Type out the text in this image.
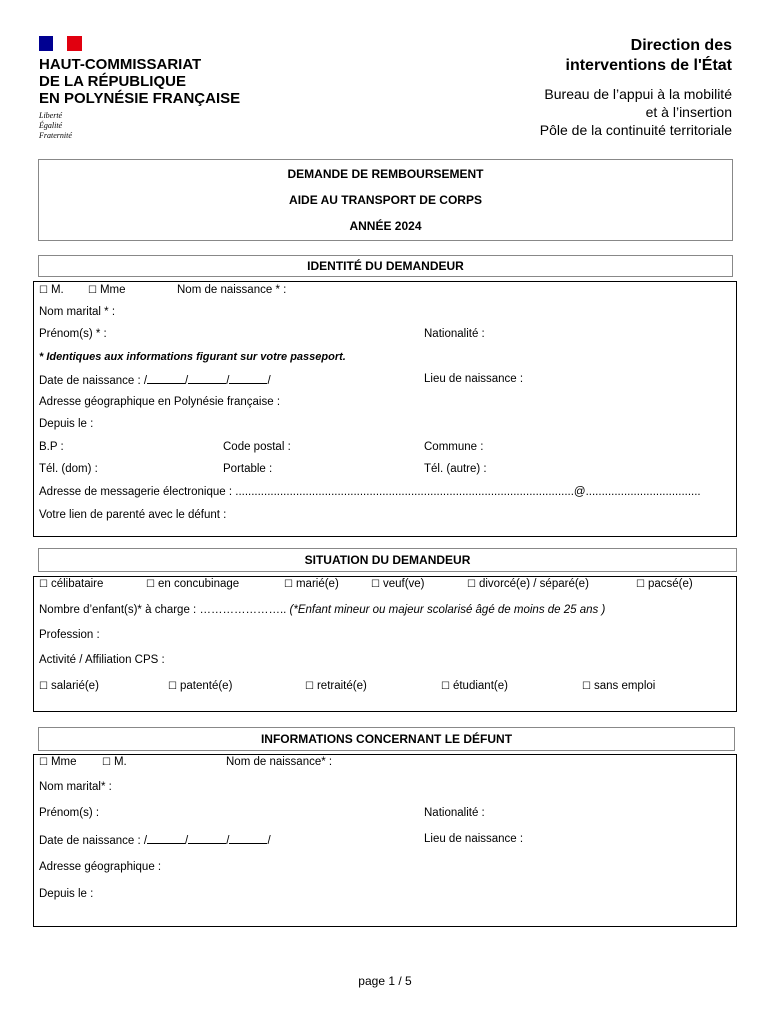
HAUT-COMMISSARIAT
DE LA RÉPUBLIQUE
EN POLYNÉSIE FRANÇAISE
Liberté
Égalité
Fraternité
Direction des
interventions de l'État
Bureau de l’appui à la mobilité
et à l’insertion
Pôle de la continuité territoriale
DEMANDE DE REMBOURSEMENT
AIDE AU TRANSPORT DE CORPS
ANNÉE 2024
IDENTITÉ DU DEMANDEUR
☐ M. ☐ Mme	Nom de naissance * :
Nom marital * :
Prénom(s) * :	Nationalité :
* Identiques aux informations figurant sur votre passeport.
Date de naissance : /	/	/	/	Lieu de naissance :
Adresse géographique en Polynésie française :
Depuis le :
B.P :	Code postal :	Commune :
Tél. (dom) :	Portable :	Tél. (autre) :
Adresse de messagerie électronique : ..........................................................................................................@....................................
Votre lien de parenté avec le défunt :
SITUATION DU DEMANDEUR
☐ célibataire	☐ en concubinage	☐ marié(e)	☐ veuf(ve)	☐ divorcé(e) / séparé(e)	☐ pacsé(e)
Nombre d’enfant(s)* à charge : ………………….. (*Enfant mineur ou majeur scolarisé âgé de moins de 25 ans )
Profession :
Activité / Affiliation CPS :
☐ salarié(e)	☐ patenté(e)	☐ retraité(e)	☐ étudiant(e)	☐ sans emploi
INFORMATIONS CONCERNANT LE DÉFUNT
☐ Mme	☐ M.	Nom de naissance* :
Nom marital* :
Prénom(s) :	Nationalité :
Date de naissance : /	/	/	/	Lieu de naissance :
Adresse géographique :
Depuis le :
page 1 / 5
